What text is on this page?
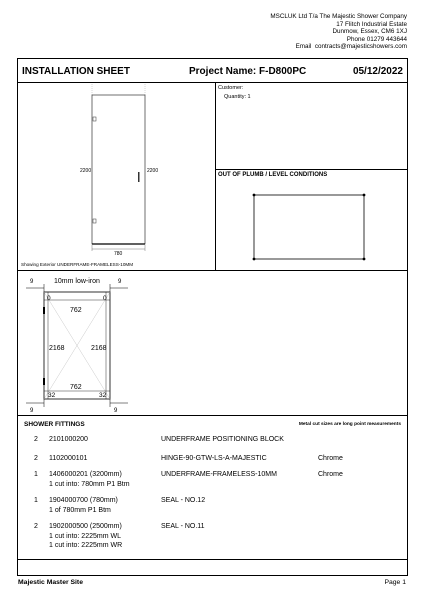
MSCLUK Ltd T/a The Majestic Shower Company
17 Flitch Industrial Estate
Dunmow, Essex, CM6 1XJ
Phone 01279 443644
Email contracts@majesticshowers.com
INSTALLATION SHEET	Project Name: F-D800PC	05/12/2022
Customer:
Quantity: 1
2200	2200
780
Showing Exterior UNDERFRAME-FRAMELESS-10MM
OUT OF PLUMB / LEVEL CONDITIONS
9	10mm low-iron	9
0	0
762
2168	2168
762
32	32
9	9
SHOWER FITTINGS	Metal cut sizes are long point measurements
2 2101000200	UNDERFRAME POSITIONING BLOCK
2 1102000101	HINGE-90-GTW-LS-A-MAJESTIC	Chrome
1 1406000201 (3200mm)	UNDERFRAME-FRAMELESS-10MM	Chrome
1 cut into: 780mm P1 Btm
1 1904000700 (780mm)	SEAL - NO.12
1 of 780mm P1 Btm
2 1902000500 (2500mm)	SEAL - NO.11
1 cut into: 2225mm WL
1 cut into: 2225mm WR
Majestic Master Site	Page 1
